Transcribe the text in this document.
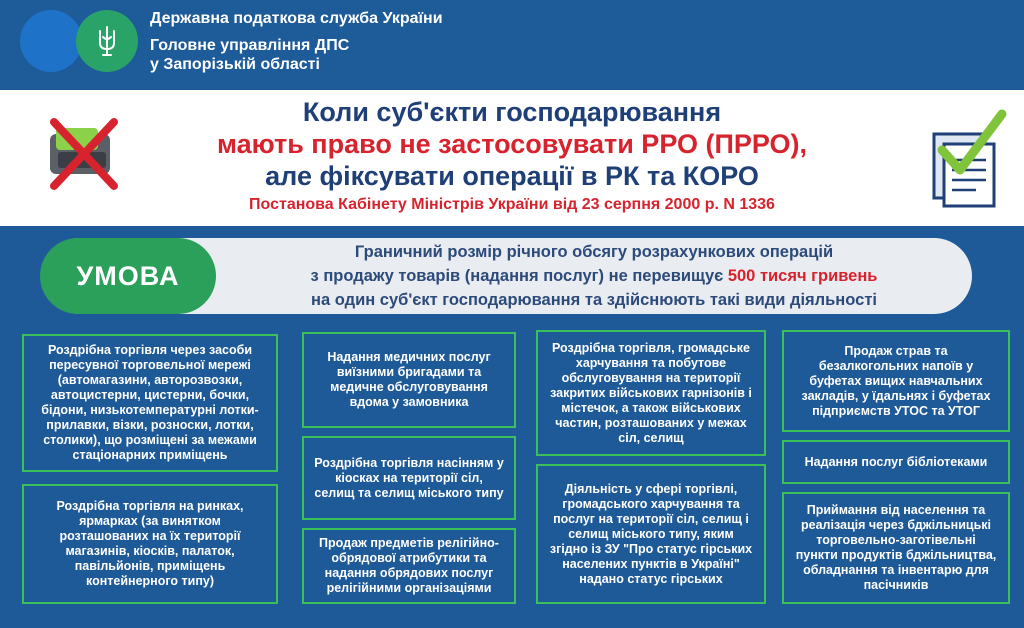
Державна податкова служба України
Головне управління ДПС
у Запорізькій області
Коли суб'єкти господарювання
мають право не застосовувати РРО (ПРРО),
але фіксувати операції в РК та КОРО
Постанова Кабінету Міністрів України від 23 серпня 2000 р. N 1336
УМОВА
Граничний розмір річного обсягу розрахункових операцій
з продажу товарів (надання послуг) не перевищує 500 тисяч гривень
на один суб'єкт господарювання та здійснюють такі види діяльності
Роздрібна торгівля через засоби пересувної торговельної мережі (автомагазини, авторозвозки, автоцистерни, цистерни, бочки, бідони, низькотемпературні лотки-прилавки, візки, розноски, лотки, столики), що розміщені за межами стаціонарних приміщень
Роздрібна торгівля на ринках, ярмарках (за винятком розташованих на їх території магазинів, кіосків, палаток, павільйонів, приміщень контейнерного типу)
Надання медичних послуг виїзними бригадами та медичне обслуговування вдома у замовника
Роздрібна торгівля насінням у кіосках на території сіл, селищ та селищ міського типу
Продаж предметів релігійно-обрядової атрибутики та надання обрядових послуг релігійними організаціями
Роздрібна торгівля, громадське харчування та побутове обслуговування на території закритих військових гарнізонів і містечок, а також військових частин, розташованих у межах сіл, селищ
Діяльність у сфері торгівлі, громадського харчування та послуг на території сіл, селищ і селищ міського типу, яким згідно із ЗУ "Про статус гірських населених пунктів в Україні" надано статус гірських
Продаж страв та безалкогольних напоїв у буфетах вищих навчальних закладів, у їдальнях і буфетах підприємств УТОС та УТОГ
Надання послуг бібліотеками
Приймання від населення та реалізація через бджільницькі торговельно-заготівельні пункти продуктів бджільництва, обладнання та інвентарю для пасічників
